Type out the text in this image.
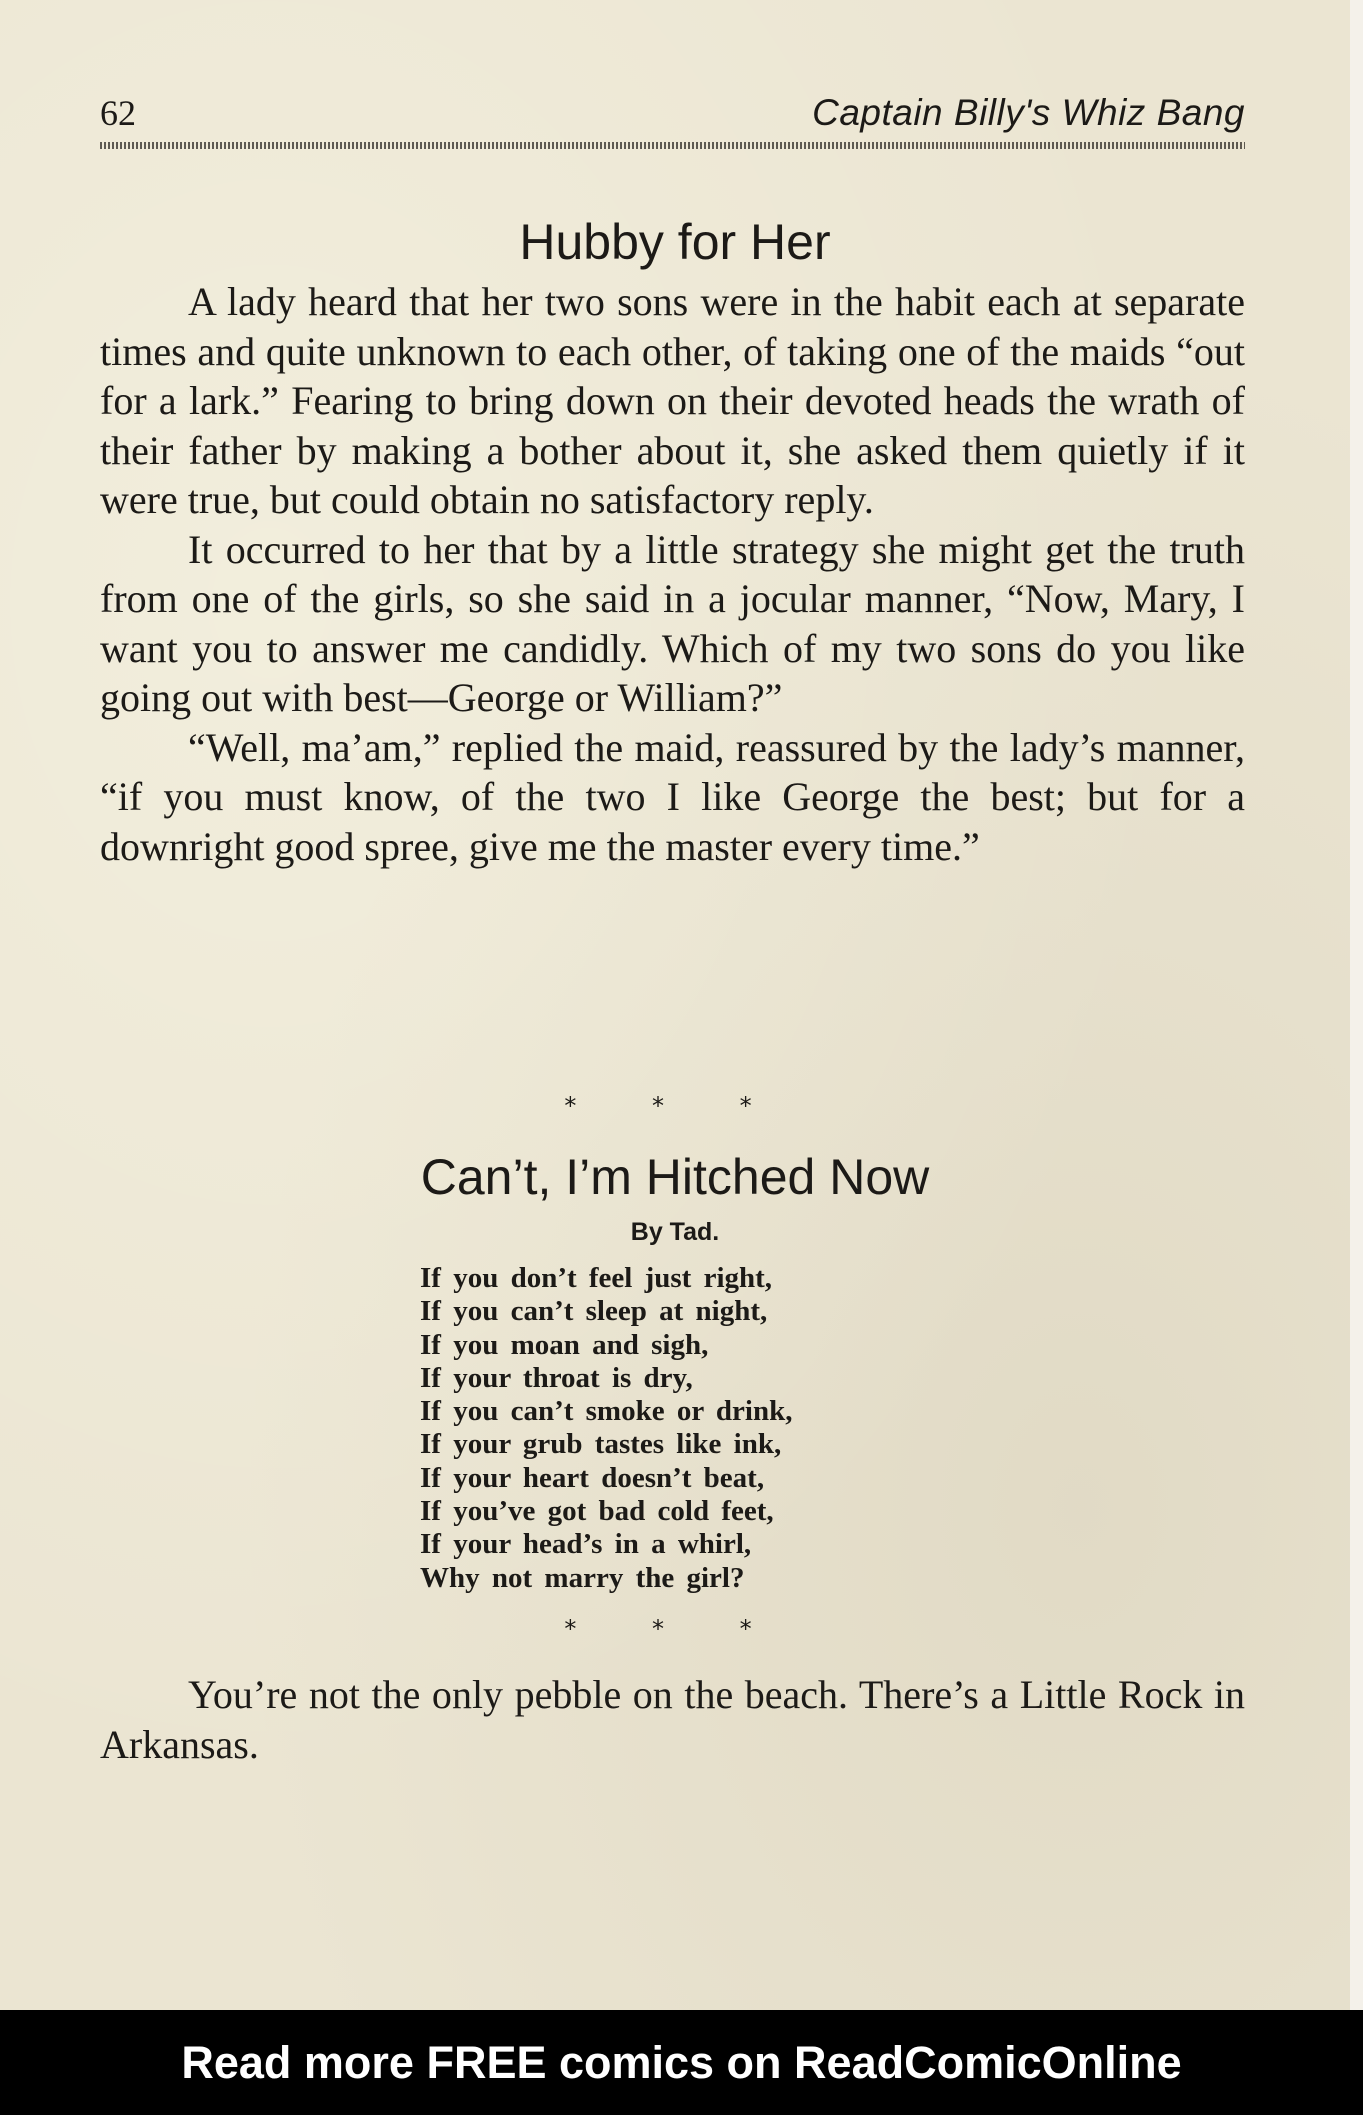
62	Captain Billy's Whiz Bang
Hubby for Her

A lady heard that her two sons were in the habit each at separate times and quite unknown to each other, of taking one of the maids “out for a lark.” Fearing to bring down on their devoted heads the wrath of their father by making a bother about it, she asked them quietly if it were true, but could obtain no satisfactory reply.

It occurred to her that by a little strategy she might get the truth from one of the girls, so she said in a jocular manner, “Now, Mary, I want you to answer me candidly. Which of my two sons do you like going out with best—George or William?”

“Well, ma’am,” replied the maid, reassured by the lady’s manner, “if you must know, of the two I like George the best; but for a downright good spree, give me the master every time.”

* * *
Can’t, I’m Hitched Now
By Tad.
If you don’t feel just right,
If you can’t sleep at night,
If you moan and sigh,
If your throat is dry,
If you can’t smoke or drink,
If your grub tastes like ink,
If your heart doesn’t beat,
If you’ve got bad cold feet,
If your head’s in a whirl,
Why not marry the girl?
* * *

You’re not the only pebble on the beach. There’s a Little Rock in Arkansas.

Read more FREE comics on ReadComicOnline
